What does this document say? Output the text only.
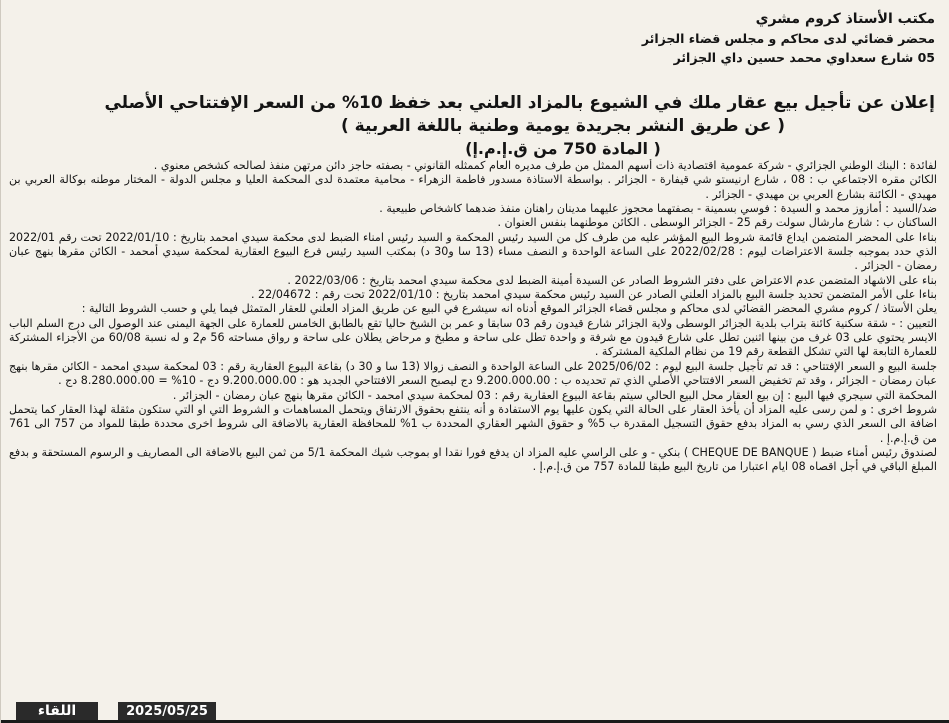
مكتب الأستاذ كروم مشري
محضر قضائي لدى محاكم و مجلس قضاء الجزائر
05 شارع سعداوي محمد حسين داي الجزائر
إعلان عن تأجيل بيع عقار ملك في الشيوع بالمزاد العلني بعد خفظ 10% من السعر الإفتتاحي الأصلي
( عن طريق النشر بجريدة يومية وطنية باللغة العربية )
( المادة 750 من ق.إ.م.إ)

لفائدة : البنك الوطني الجزائري - شركة عمومية اقتصادية ذات أسهم الممثل من طرف مديره العام كممثله القانوني - بصفته حاجز دائن مرتهن منفذ لصالحه كشخص معنوي .

الكائن مقره الاجتماعي ب : 08 ، شارع ارنيستو شي قيفارة - الجزائر . بواسطة الاستاذة مسدور فاطمة الزهراء - محامية معتمدة لدى المحكمة العليا و مجلس الدولة - المختار موطنه بوكالة العربي بن مهيدي - الكائنة بشارع العربي بن مهيدي - الجزائر .

ضد/السيد : أمازوز محمد و السيدة : فوسي بسمينة - بصفتهما محجوز عليهما مدينان راهنان منفذ ضدهما كاشخاص طبيعية .

الساكنان ب : شارع مارشال سولت رقم 25 - الجزائر الوسطى . الكائن موطنهما بنفس العنوان .

بناءا على المحضر المتضمن ايداع قائمة شروط البيع المؤشر عليه من طرف كل من السيد رئيس المحكمة و السيد رئيس امناء الضبط لدى محكمة سيدي امحمد بتاريخ : 2022/01/10 تحت رقم 2022/01 الذي حدد بموجبه جلسة الاعتراضات ليوم : 2022/02/28 على الساعة الواحدة و النصف مساء (13 سا و30 د) بمكتب السيد رئيس فرع البيوع العقارية لمحكمة سيدي أمحمد - الكائن مقرها بنهج عبان رمضان - الجزائر .

بناء على الاشهاد المتضمن عدم الاعتراض على دفتر الشروط الصادر عن السيدة أمينة الضبط لدى محكمة سيدي امحمد بتاريخ : 2022/03/06 .

بناءا على الأمر المتضمن تحديد جلسة البيع بالمزاد العلني الصادر عن السيد رئيس محكمة سيدي امحمد بتاريخ : 2022/01/10 تحت رقم : 22/04672 .

يعلن الأستاذ / كروم مشري المحضر القضائي لدى محاكم و مجلس قضاء الجزائر الموقع أدناه انه سيشرع في البيع عن طريق المزاد العلني للعقار المتمثل فيما يلي و حسب الشروط التالية :

التعيين : - شقة سكنية كائنة بتراب بلدية الجزائر الوسطى ولاية الجزائر شارع قيدون رقم 03 سابقا و عمر بن الشيخ حاليا تقع بالطابق الخامس للعمارة على الجهة اليمنى عند الوصول الى درج السلم الباب الايسر يحتوي على 03 غرف من بينها اثنين تطل على شارع قيدون مع شرفة و واحدة تطل على ساحة و مطبخ و مرحاض يطلان على ساحة و رواق مساحته 56 م2 و له نسبة 60/08 من الأجزاء المشتركة للعمارة التابعة لها التي تشكل القطعة رقم 19 من نظام الملكية المشتركة .

جلسة البيع و السعر الإفتتاحي : قد تم تأجيل جلسة البيع ليوم : 2025/06/02 على الساعة الواحدة و النصف زوالا (13 سا و 30 د) بقاعة البيوع العقارية رقم : 03 لمحكمة سيدي امحمد - الكائن مقرها بنهج عبان رمضان - الجزائر ، وقد تم تخفيض السعر الافتتاحي الأصلي الذي تم تحديده ب : 9.200.000.00 دج ليصبح السعر الافتتاحي الجديد هو : 9.200.000.00 دج - 10% = 8.280.000.00 دج .

المحكمة التي سيجري فيها البيع : إن بيع العقار محل البيع الحالي سيتم بقاعة البيوع العقارية رقم : 03 لمحكمة سيدي امحمد - الكائن مقرها بنهج عبان رمضان - الجزائر .

شروط اخرى : و لمن رسى عليه المزاد أن يأخذ العقار على الحالة التي يكون عليها يوم الاستفادة و أنه ينتفع بحقوق الارتفاق ويتحمل المساهمات و الشروط التي او التي ستكون مثقلة لهذا العقار كما يتحمل اضافة الى السعر الذي رسي به المزاد بدفع حقوق التسجيل المقدرة ب 5% و حقوق الشهر العقاري المحددة ب 1% للمحافظة العقارية بالاضافة الى شروط اخرى محددة طبقا للمواد من 757 الى 761 من ق.إ.م.إ .

لصندوق رئيس أمناء ضبط ( CHEQUE DE BANQUE ) بنكي - و على الراسي عليه المزاد ان يدفع فورا نقدا او بموجب شيك المحكمة 5/1 من ثمن البيع بالاضافة الى المصاريف و الرسوم المستحقة و بدفع المبلغ الباقي في أجل اقصاه 08 ايام اعتبارا من تاريخ البيع طبقا للمادة 757 من ق.إ.م.إ .

اللقاء	2025/05/25
